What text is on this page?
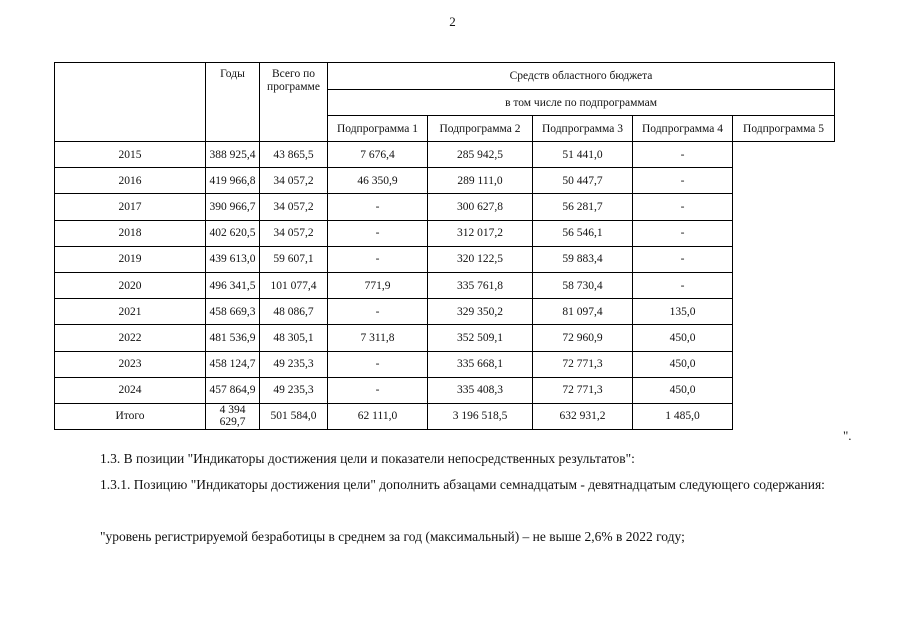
2
	Годы	Всего по программе	Средств областного бюджета				
			в том числе по подпрограммам				
			Подпрограмма 1	Подпрограмма 2	Подпрограмма 3	Подпрограмма 4	Подпрограмма 5
2015	388 925,4	43 865,5	7 676,4	285 942,5	51 441,0	-	
2016	419 966,8	34 057,2	46 350,9	289 111,0	50 447,7	-	
2017	390 966,7	34 057,2	-	300 627,8	56 281,7	-	
2018	402 620,5	34 057,2	-	312 017,2	56 546,1	-	
2019	439 613,0	59 607,1	-	320 122,5	59 883,4	-	
2020	496 341,5	101 077,4	771,9	335 761,8	58 730,4	-	
2021	458 669,3	48 086,7	-	329 350,2	81 097,4	135,0	
2022	481 536,9	48 305,1	7 311,8	352 509,1	72 960,9	450,0	
2023	458 124,7	49 235,3	-	335 668,1	72 771,3	450,0	
2024	457 864,9	49 235,3	-	335 408,3	72 771,3	450,0	
Итого	4 394 629,7	501 584,0	62 111,0	3 196 518,5	632 931,2	1 485,0	
".

1.3. В позиции "Индикаторы достижения цели и показатели непосредственных результатов":

1.3.1. Позицию "Индикаторы достижения цели" дополнить абзацами семнадцатым - девятнадцатым следующего содержания:

"уровень регистрируемой безработицы в среднем за год (максимальный) – не выше 2,6% в 2022 году;
